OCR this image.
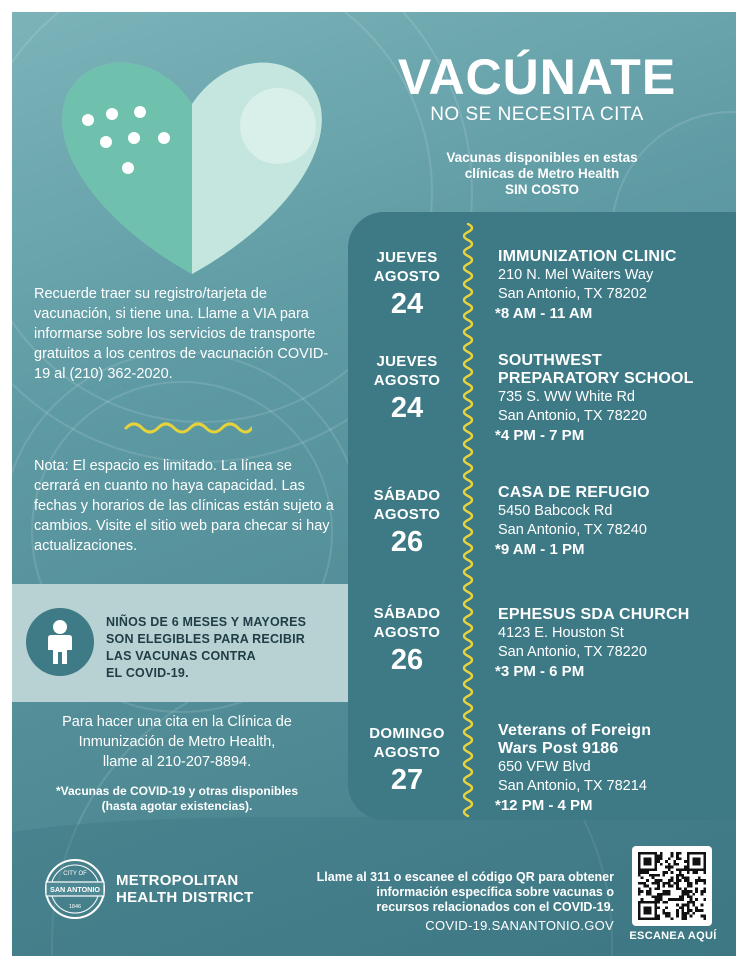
VACÚNATE
NO SE NECESITA CITA
Vacunas disponibles en estas
clínicas de Metro Health
SIN COSTO
Recuerde traer su registro/tarjeta de vacunación, si tiene una. Llame a VIA para informarse sobre los servicios de transporte gratuitos a los centros de vacunación COVID-19 al (210) 362-2020.
Nota: El espacio es limitado. La línea se cerrará en cuanto no haya capacidad. Las fechas y horarios de las clínicas están sujeto a cambios. Visite el sitio web para checar si hay actualizaciones.
NIÑOS DE 6 MESES Y MAYORES
SON ELEGIBLES PARA RECIBIR
LAS VACUNAS CONTRA
EL COVID-19.
Para hacer una cita en la Clínica de
Inmunización de Metro Health,
llame al 210-207-8894.
*Vacunas de COVID-19 y otras disponibles
(hasta agotar existencias).
JUEVES
AGOSTO
24
IMMUNIZATION CLINIC
210 N. Mel Waiters Way
San Antonio, TX 78202
*8 AM - 11 AM
JUEVES
AGOSTO
24
SOUTHWEST
PREPARATORY SCHOOL
735 S. WW White Rd
San Antonio, TX 78220
*4 PM - 7 PM
SÁBADO
AGOSTO
26
CASA DE REFUGIO
5450 Babcock Rd
San Antonio, TX 78240
*9 AM - 1 PM
SÁBADO
AGOSTO
26
EPHESUS SDA CHURCH
4123 E. Houston St
San Antonio, TX 78220
*3 PM - 6 PM
DOMINGO
AGOSTO
27
Veterans of Foreign
Wars Post 9186
650 VFW Blvd
San Antonio, TX 78214
*12 PM - 4 PM
CITY OF
SAN ANTONIO
1846
METROPOLITAN
HEALTH DISTRICT
Llame al 311 o escanee el código QR para obtener
información específica sobre vacunas o
recursos relacionados con el COVID-19.
COVID-19.SANANTONIO.GOV
ESCANEA AQUÍ
